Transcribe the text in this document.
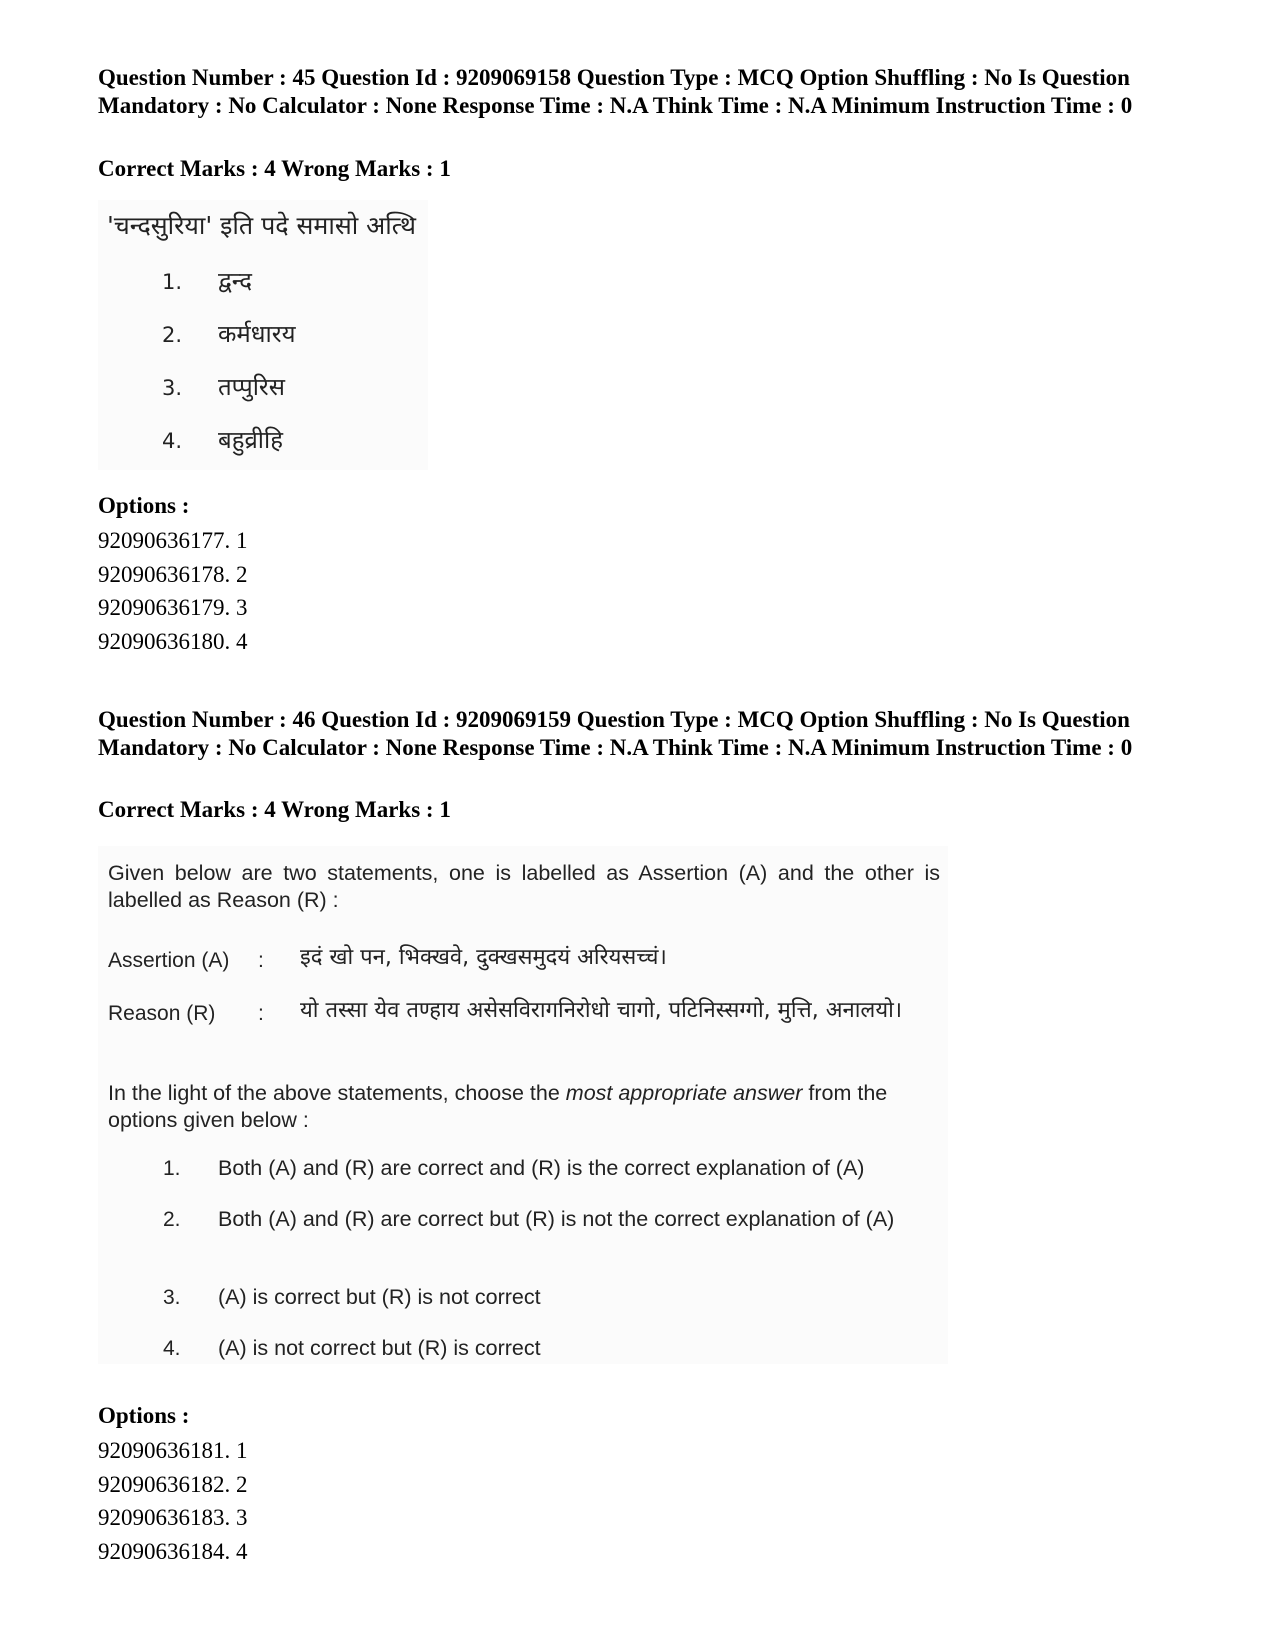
Question Number : 45 Question Id : 9209069158 Question Type : MCQ Option Shuffling : No Is Question Mandatory : No Calculator : None Response Time : N.A Think Time : N.A Minimum Instruction Time : 0
Correct Marks : 4 Wrong Marks : 1
'चन्दसुरिया' इति पदे समासो अत्थि
1. द्वन्द
2. कर्मधारय
3. तप्पुरिस
4. बहुव्रीहि
Options :
92090636177. 1
92090636178. 2
92090636179. 3
92090636180. 4
Question Number : 46 Question Id : 9209069159 Question Type : MCQ Option Shuffling : No Is Question Mandatory : No Calculator : None Response Time : N.A Think Time : N.A Minimum Instruction Time : 0
Correct Marks : 4 Wrong Marks : 1
Given below are two statements, one is labelled as Assertion (A) and the other is labelled as Reason (R) :
Assertion (A) : इदं खो पन, भिक्खवे, दुक्खसमुदयं अरियसच्चं।
Reason (R) : यो तस्सा येव तण्हाय असेसविरागनिरोधो चागो, पटिनिस्सग्गो, मुत्ति, अनालयो।
In the light of the above statements, choose the most appropriate answer from the options given below :
1. Both (A) and (R) are correct and (R) is the correct explanation of (A)
2. Both (A) and (R) are correct but (R) is not the correct explanation of (A)
3. (A) is correct but (R) is not correct
4. (A) is not correct but (R) is correct
Options :
92090636181. 1
92090636182. 2
92090636183. 3
92090636184. 4
